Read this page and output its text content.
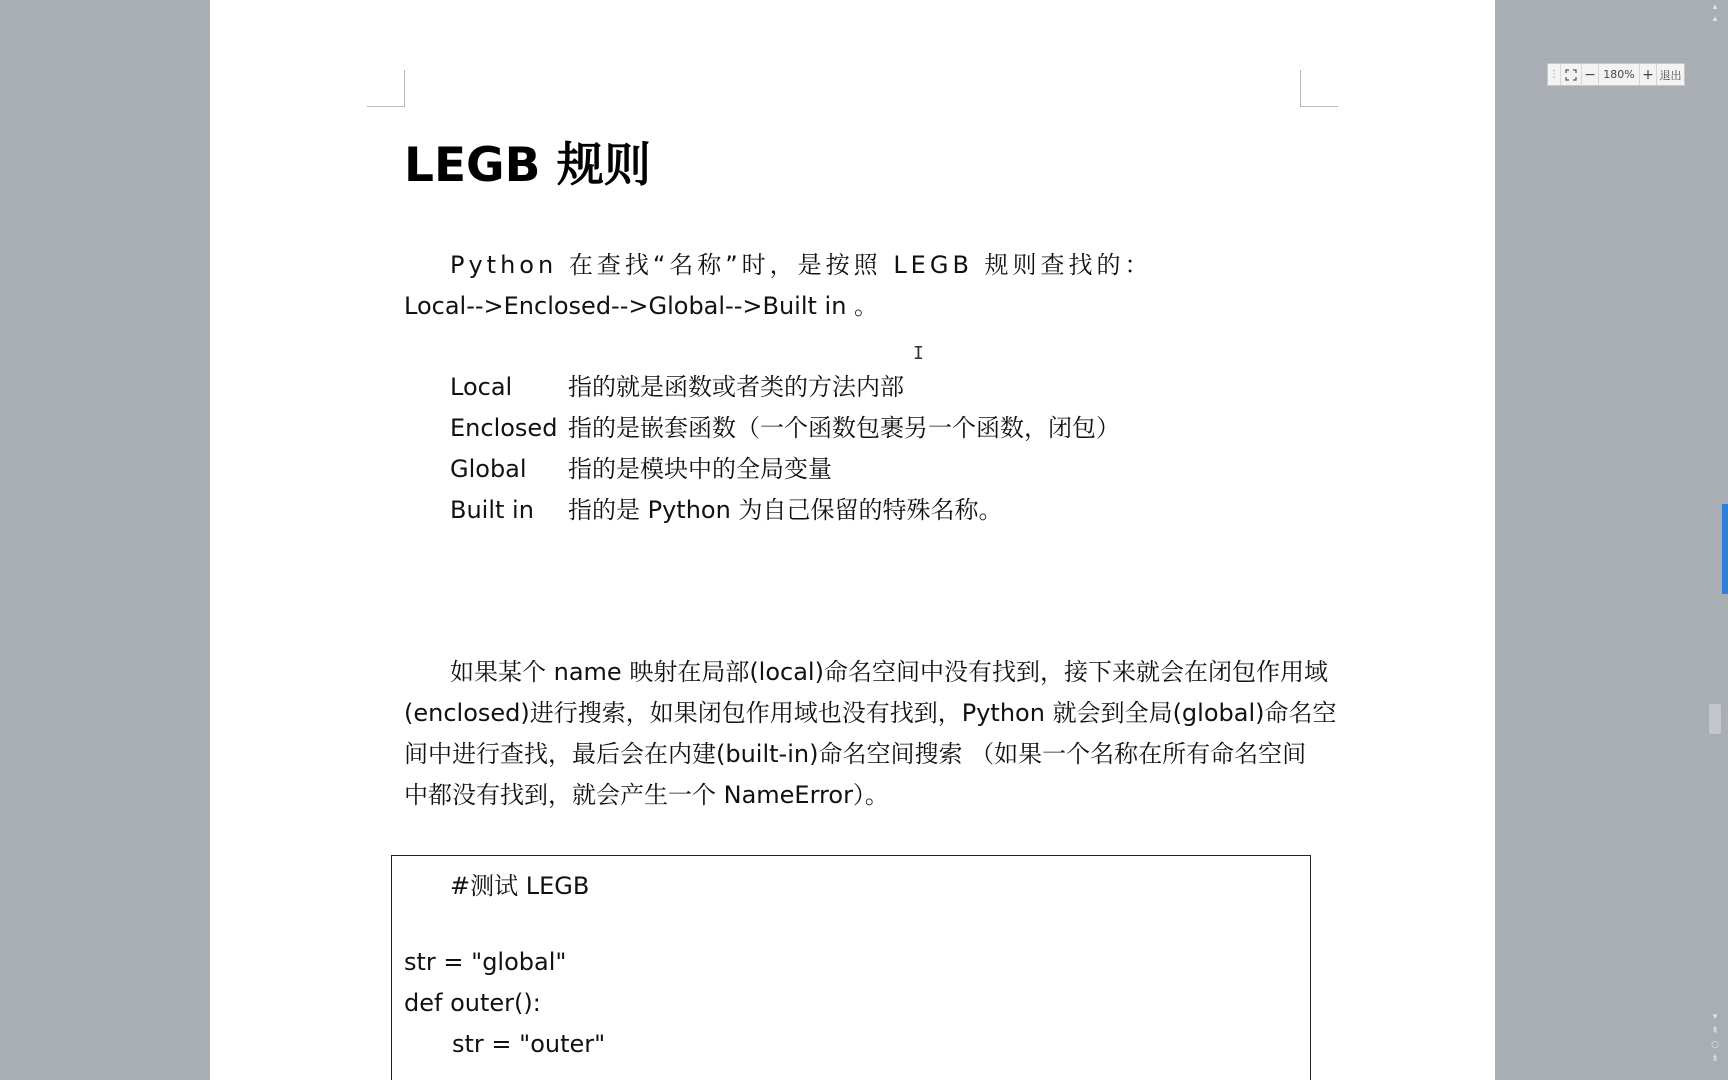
LEGB 规则

Python 在查找“名称”时，是按照 LEGB 规则查找的：

Local-->Enclosed-->Global-->Built in 。

Local 指的就是函数或者类的方法内部
Enclosed 指的是嵌套函数（一个函数包裹另一个函数，闭包）
Global 指的是模块中的全局变量
Built in 指的是 Python 为自己保留的特殊名称。
如果某个 name 映射在局部(local)命名空间中没有找到，接下来就会在闭包作用域
(enclosed)进行搜索，如果闭包作用域也没有找到，Python 就会到全局(global)命名空
间中进行查找，最后会在内建(built-in)命名空间搜索 （如果一个名称在所有命名空间
中都没有找到，就会产生一个 NameError）。
#测试 LEGB
str = "global"
def outer():
str = "outer"
I
⋮ − 180% + 退出
▴
▴
▾
⇞
○
⇟
